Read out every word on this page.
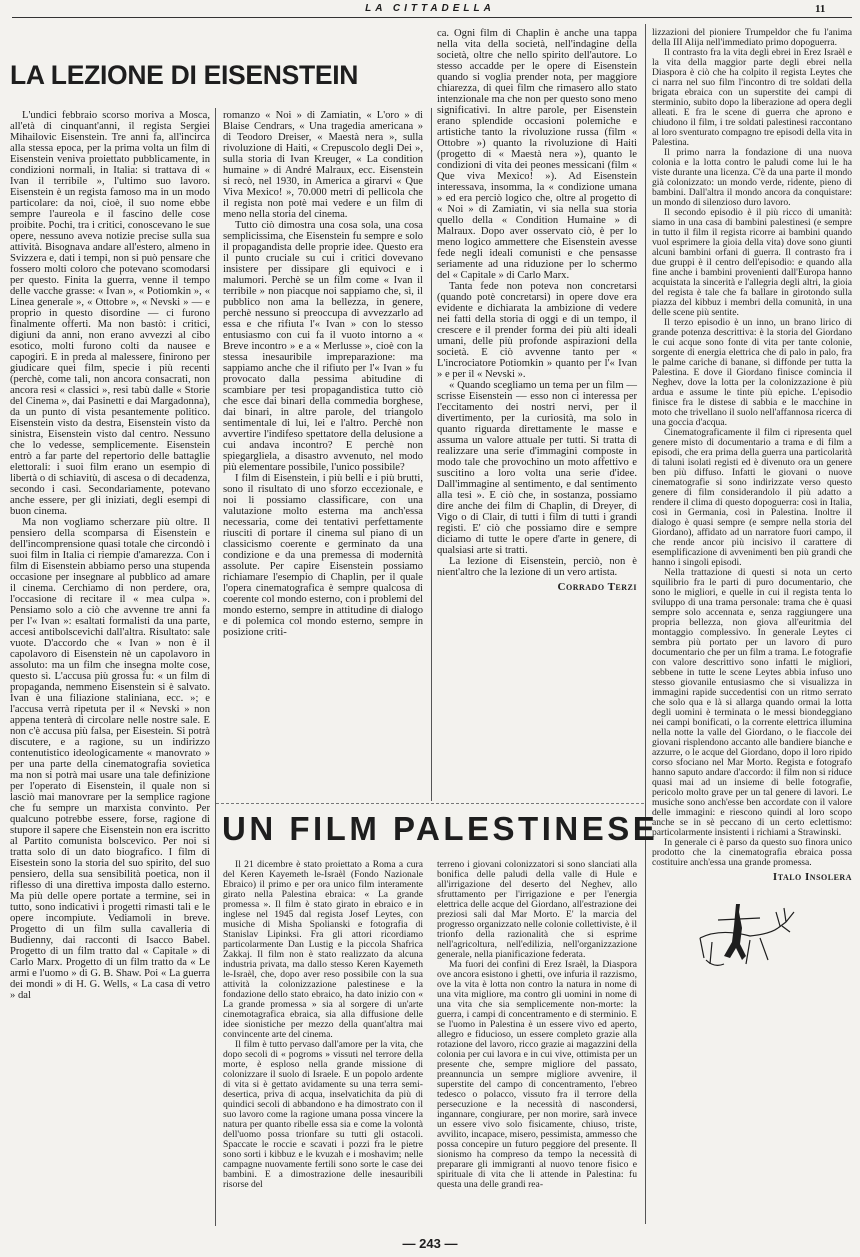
LA CITTADELLA	11
LA LEZIONE DI EISENSTEIN

L'undici febbraio scorso moriva a Mosca, all'età di cinquant'anni, il regista Sergiei Mihailovic Eisenstein. Tre anni fa, all'incirca alla stessa epoca, per la prima volta un film di Eisenstein veniva proiettato pubblicamente, in condizioni normali, in Italia: si trattava di « Ivan il terribile », l'ultimo suo lavoro. Eisenstein è un regista famoso ma in un modo particolare: da noi, cioè, il suo nome ebbe sempre l'aureola e il fascino delle cose proibite. Pochi, tra i critici, conoscevano le sue opere, nessuno aveva notizie precise sulla sua attività. Bisognava andare all'estero, almeno in Svizzera e, dati i tempi, non si può pensare che fossero molti coloro che potevano scomodarsi per questo. Finita la guerra, venne il tempo delle vacche grasse: « Ivan », « Potiomkin », « Linea generale », « Ottobre », « Nevski » — e proprio in questo disordine — ci furono finalmente offerti. Ma non bastò: i critici, digiuni da anni, non erano avvezzi al cibo esotico, molti furono colti da nausee e capogiri. E in preda al malessere, finirono per giudicare quei film, specie i più recenti (perchè, come tali, non ancora consacrati, non ancora resi « classici », resi tabù dalle « Storie del Cinema », dai Pasinetti e dai Margadonna), da un punto di vista pesantemente politico. Eisenstein visto da destra, Eisenstein visto da sinistra, Eisenstein visto dal centro. Nessuno che lo vedesse, semplicemente. Eisenstein entrò a far parte del repertorio delle battaglie elettorali: i suoi film erano un esempio di libertà o di schiavitù, di ascesa o di decadenza, secondo i casi. Secondariamente, potevano anche essere, per gli iniziati, degli esempi di buon cinema.

Ma non vogliamo scherzare più oltre. Il pensiero della scomparsa di Eisenstein e dell'incomprensione quasi totale che circondò i suoi film in Italia ci riempie d'amarezza. Con i film di Eisenstein abbiamo perso una stupenda occasione per insegnare al pubblico ad amare il cinema. Cerchiamo di non perdere, ora, l'occasione di recitare il « mea culpa ». Pensiamo solo a ciò che avvenne tre anni fa per l'« Ivan »: esaltati formalisti da una parte, accesi antibolscevichi dall'altra. Risultato: sale vuote. D'accordo che « Ivan » non è il capolavoro di Eisenstein nè un capolavoro in assoluto: ma un film che insegna molte cose, questo sì. L'accusa più grossa fu: « un film di propaganda, nemmeno Eisenstein si è salvato. Ivan è una filiazione staliniana, ecc. »; e l'accusa verrà ripetuta per il « Nevski » non appena tenterà di circolare nelle nostre sale. E non c'è accusa più falsa, per Eisestein. Si potrà discutere, e a ragione, su un indirizzo contenutistico ideologicamente « manovrato » per una parte della cinematografia sovietica ma non si potrà mai usare una tale definizione per l'operato di Eisenstein, il quale non si lasciò mai manovrare per la semplice ragione che fu sempre un marxista convinto. Per qualcuno potrebbe essere, forse, ragione di stupore il sapere che Eisenstein non era iscritto al Partito comunista bolscevico. Per noi si tratta solo di un dato biografico. I film di Eisestein sono la storia del suo spirito, del suo pensiero, della sua sensibilità poetica, non il riflesso di una direttiva imposta dallo esterno. Ma più delle opere portate a termine, sei in tutto, sono indicativi i progetti rimasti tali e le opere incompiute. Vediamoli in breve. Progetto di un film sulla cavalleria di Budienny, dai racconti di Isacco Babel. Progetto di un film tratto dal « Capitale » di Carlo Marx. Progetto di un film tratto da « Le armi e l'uomo » di G. B. Shaw. Poi « La guerra dei mondi » di H. G. Wells, « La casa di vetro » dal

romanzo « Noi » di Zamiatin, « L'oro » di Blaise Cendrars, « Una tragedia americana » di Teodoro Dreiser, « Maestà nera », sulla rivoluzione di Haiti, « Crepuscolo degli Dei », sulla storia di Ivan Kreuger, « La condition humaine » di André Malraux, ecc. Eisenstein si recò, nel 1930, in America a girarvi « Que Viva Mexico! », 70.000 metri di pellicola che il regista non potè mai vedere e un film di meno nella storia del cinema.

Tutto ciò dimostra una cosa sola, una cosa semplicissima, che Eisenstein fu sempre e solo il propagandista delle proprie idee. Questo era il punto cruciale su cui i critici dovevano insistere per dissipare gli equivoci e i malumori. Perchè se un film come « Ivan il terribile » non piacque noi sappiamo che, sì, il pubblico non ama la bellezza, in genere, perchè nessuno si preoccupa di avvezzarlo ad essa e che rifiuta l'« Ivan » con lo stesso entusiasmo con cui fa il vuoto intorno a « Breve incontro » e a « Merlusse », cioè con la stessa inesauribile impreparazione: ma sappiamo anche che il rifiuto per l'« Ivan » fu provocato dalla pessima abitudine di scambiare per tesi propagandistica tutto ciò che esce dai binari della commedia borghese, dai binari, in altre parole, del triangolo sentimentale di lui, lei e l'altro. Perchè non avvertire l'indifeso spettatore della delusione a cui andava incontro? E perchè non spiegargliela, a disastro avvenuto, nel modo più elementare possibile, l'unico possibile?

I film di Eisenstein, i più belli e i più brutti, sono il risultato di uno sforzo eccezionale, e noi li possiamo classificare, con una valutazione molto esterna ma anch'essa necessaria, come dei tentativi perfettamente riusciti di portare il cinema sul piano di un classicismo coerente e germinato da una condizione e da una premessa di modernità assolute. Per capire Eisenstein possiamo richiamare l'esempio di Chaplin, per il quale l'opera cinematografica è sempre qualcosa di coerente col mondo esterno, con i problemi del mondo esterno, sempre in attitudine di dialogo e di polemica col mondo esterno, sempre in posizione criti-

ca. Ogni film di Chaplin è anche una tappa nella vita della società, nell'indagine della società, oltre che nello spirito dell'autore. Lo stesso accadde per le opere di Eisenstein quando si voglia prender nota, per maggiore chiarezza, di quei film che rimasero allo stato intenzionale ma che non per questo sono meno significativi. In altre parole, per Eisenstein erano splendide occasioni polemiche e artistiche tanto la rivoluzione russa (film « Ottobre ») quanto la rivoluzione di Haiti (progetto di « Maestà nera »), quanto le condizioni di vita dei peones messicani (film « Que viva Mexico! »). Ad Eisenstein interessava, insomma, la « condizione umana » ed era perciò logico che, oltre al progetto di « Noi » di Zamiatin, vi sia nella sua storia quello della « Condition Humaine » di Malraux. Dopo aver osservato ciò, è per lo meno logico ammettere che Eisenstein avesse fede negli ideali comunisti e che pensasse seriamente ad una riduzione per lo schermo del « Capitale » di Carlo Marx.

Tanta fede non poteva non concretarsi (quando potè concretarsi) in opere dove era evidente e dichiarata la ambizione di vedere nei fatti della storia di oggi e di un tempo, il crescere e il prender forma dei più alti ideali umani, delle più profonde aspirazioni della società. E ciò avvenne tanto per « L'incrociatore Potiomkin » quanto per l'« Ivan » e per il « Nevski ».

« Quando scegliamo un tema per un film — scrisse Eisenstein — esso non ci interessa per l'eccitamento dei nostri nervi, per il divertimento, per la curiosità, ma solo in quanto riguarda direttamente le masse e assuma un valore attuale per tutti. Si tratta di realizzare una serie d'immagini composte in modo tale che provochino un moto affettivo e suscitino a loro volta una serie d'idee. Dall'immagine al sentimento, e dal sentimento alla tesi ». E ciò che, in sostanza, possiamo dire anche dei film di Chaplin, di Dreyer, di Vigo o di Clair, di tutti i film di tutti i grandi registi. E' ciò che possiamo dire e sempre diciamo di tutte le opere d'arte in genere, di qualsiasi arte si tratti.

La lezione di Eisenstein, perciò, non è nient'altro che la lezione di un vero artista.

Corrado Terzi
UN FILM PALESTINESE

Il 21 dicembre è stato proiettato a Roma a cura del Keren Kayemeth le-Israèl (Fondo Nazionale Ebraico) il primo e per ora unico film interamente girato nella Palestina ebraica: « La grande promessa ». Il film è stato girato in ebraico e in inglese nel 1945 dal regista Josef Leytes, con musiche di Misha Spolianski e fotografia di Stanislav Lipinksi. Fra gli attori ricordiamo particolarmente Dan Lustig e la piccola Shafrica Zakkaj. Il film non è stato realizzato da alcuna industria privata, ma dallo stesso Keren Kayemeth le-Israèl, che, dopo aver reso possibile con la sua attività la colonizzazione palestinese e la fondazione dello stato ebraico, ha dato inizio con « La grande promessa » sia al sorgere di un'arte cinemotagrafica ebraica, sia alla diffusione delle idee sionistiche per mezzo della quant'altra mai convincente arte del cinema.

Il film è tutto pervaso dall'amore per la vita, che dopo secoli di « pogroms » vissuti nel terrore della morte, è esploso nella grande missione di colonizzare il suolo di Israele. E un popolo ardente di vita si è gettato avidamente su una terra semi-desertica, priva di acqua, inselvatichita da più di quindici secoli di abbandono e ha dimostrato con il suo lavoro come la ragione umana possa vincere la natura per quanto ribelle essa sia e come la volontà dell'uomo possa trionfare su tutti gli ostacoli. Spaccate le roccie e scavati i pozzi fra le pietre sono sorti i kibbuz e le kvuzah e i moshavim; nelle campagne nuovamente fertili sono sorte le case dei bambini. E a dimostrazione delle inesauribili risorse del

terreno i giovani colonizzatori si sono slanciati alla bonifica delle paludi della valle di Hule e all'irrigazione del deserto del Neghev, allo sfruttamento per l'irrigazione e per l'energia elettrica delle acque del Giordano, all'estrazione dei preziosi sali dal Mar Morto. E' la marcia del progresso organizzato nelle colonie collettiviste, è il trionfo della razionalità che si esprime nell'agricoltura, nell'edilizia, nell'organizzazione generale, nella pianificazione federata.

Ma fuori dei confini di Erez Israèl, la Diaspora ove ancora esistono i ghetti, ove infuria il razzismo, ove la vita è lotta non contro la natura in nome di una vita migliore, ma contro gli uomini in nome di una vita che sia semplicemente non-morte: la guerra, i campi di concentramento e di sterminio. E se l'uomo in Palestina è un essere vivo ed aperto, allegro e fiducioso, un essere completo grazie alla rotazione del lavoro, ricco grazie ai magazzini della colonia per cui lavora e in cui vive, ottimista per un presente che, sempre migliore del passato, preannuncia un sempre migliore avvenire, il superstite del campo di concentramento, l'ebreo tedesco o polacco, vissuto fra il terrore della persecuzione e la necessità di nascondersi, ingannare, congiurare, per non morire, sarà invece un essere vivo solo fisicamente, chiuso, triste, avvilito, incapace, misero, pessimista, ammesso che possa concepire un futuro peggiore del presente. Il sionismo ha compreso da tempo la necessità di preparare gli immigranti al nuovo tenore fisico e spirituale di vita che li attende in Palestina: fu questa una delle grandi rea-

lizzazioni del pioniere Trumpeldor che fu l'anima della III Alija nell'immediato primo dopoguerra.

Il contrasto fra la vita degli ebrei in Erez Israèl e la vita della maggior parte degli ebrei nella Diaspora è ciò che ha colpito il regista Leytes che ci narra nel suo film l'incontro di tre soldati della brigata ebraica con un superstite dei campi di sterminio, subito dopo la liberazione ad opera degli alleati. E fra le scene di guerra che aprono e chiudono il film, i tre soldati palestinesi raccontano al loro sventurato compagno tre episodi della vita in Palestina.

Il primo narra la fondazione di una nuova colonia e la lotta contro le paludi come lui le ha viste durante una licenza. C'è da una parte il mondo già colonizzato: un mondo verde, ridente, pieno di bambini. Dall'altra il mondo ancora da conquistare: un mondo di silenzioso duro lavoro.

Il secondo episodio è il più ricco di umanità: siamo in una casa di bambini palestinesi (e sempre in tutto il film il regista ricorre ai bambini quando vuol esprimere la gioia della vita) dove sono giunti alcuni bambini orfani di guerra. Il contrasto fra i due gruppi è il centro dell'episodio: e quando alla fine anche i bambini provenienti dall'Europa hanno acquistata la sincerità e l'allegria degli altri, la gioia del regista è tale che fa ballare in girotondo sulla piazza del kibbuz i membri della comunità, in una delle scene più sentite.

Il terzo episodio è un inno, un brano lirico di grande potenza descrittiva: è la storia del Giordano le cui acque sono fonte di vita per tante colonie, sorgente di energia elettrica che di palo in palo, fra le palme cariche di banane, si diffonde per tutta la Palestina. E dove il Giordano finisce comincia il Neghev, dove la lotta per la colonizzazione è più ardua e assume le tinte più epiche. L'episodio finisce fra le distese di sabbia e le macchine in moto che trivellano il suolo nell'affannosa ricerca di una goccia d'acqua.

Cinematograficamente il film ci ripresenta quel genere misto di documentario a trama e di film a episodi, che era prima della guerra una particolarità di taluni isolati registi ed è divenuto ora un genere ben più diffuso. Infatti le giovani o nuove cinematografie si sono indirizzate verso questo genere di film considerandolo il più adatto a rendere il clima di questo dopoguerra: così in Italia, così in Germania, così in Palestina. Inoltre il dialogo è quasi sempre (e sempre nella storia del Giordano), affidato ad un narratore fuori campo, il che rende ancor più incisivo il carattere di esemplificazione di avvenimenti ben più grandi che hanno i singoli episodi.

Nella trattazione di questi si nota un certo squilibrio fra le parti di puro documentario, che sono le migliori, e quelle in cui il regista tenta lo sviluppo di una trama personale: trama che è quasi sempre solo accennata e, senza raggiungere una propria bellezza, non giova all'euritmia del montaggio complessivo. In generale Leytes ci sembra più portato per un lavoro di puro documentario che per un film a trama. Le fotografie con valore descrittivo sono infatti le migliori, sebbene in tutte le scene Leytes abbia infuso uno stesso giovanile entusiasmo che si visualizza in immagini rapide succedentisi con un ritmo serrato che solo qua e là si allarga quando ormai la lotta degli uomini è terminata o le messi biondeggiano nei campi bonificati, o la corrente elettrica illumina nella notte la valle del Giordano, o le fiaccole dei giovani risplendono accanto alle bandiere bianche e azzurre, o le acque del Giordano, dopo il loro ripido corso sfociano nel Mar Morto. Regista e fotografo hanno saputo andare d'accordo: il film non si riduce quasi mai ad un insieme di belle fotografie, pericolo molto grave per un tal genere di lavori. Le musiche sono anch'esse ben accordate con il valore delle immagini: e riescono quindi al loro scopo anche se in sè peccano di un certo eclettismo: particolarmente insistenti i richiami a Strawinski.

In generale ci è parso da questo suo finora unico prodotto che la cinematografia ebraica possa costituire anch'essa una grande promessa.

Italo Insolera
— 243 —
